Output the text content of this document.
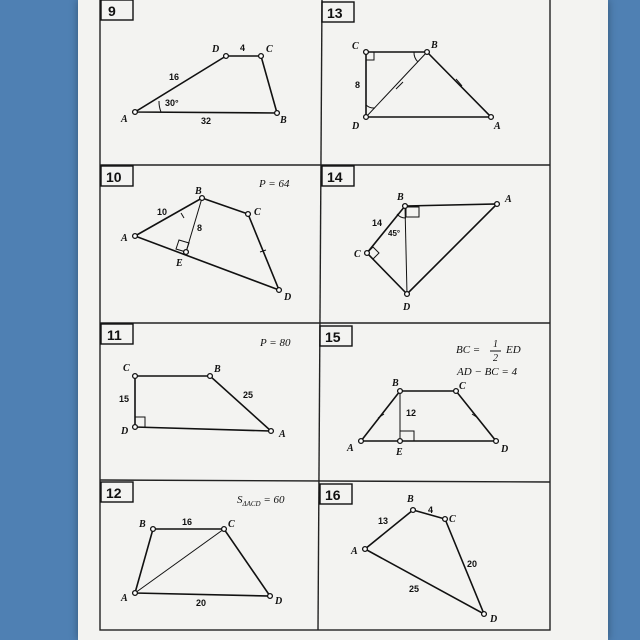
9	13
10	14
11	15
12	16
A	B
C
D
16
4
32
30°
C	B
A
D
8
A
B
C
D
E
10
8
P = 64
B	A
D
C
14
45°
C	B
A
D
15	25
P = 80
A
B	C
D
E
12
BC = 1
2
ED
AD − BC = 4
A
B	C
D
16
20
$S_{\Delta ACD} = 60$
A
B
C
D
13
4
20
25
